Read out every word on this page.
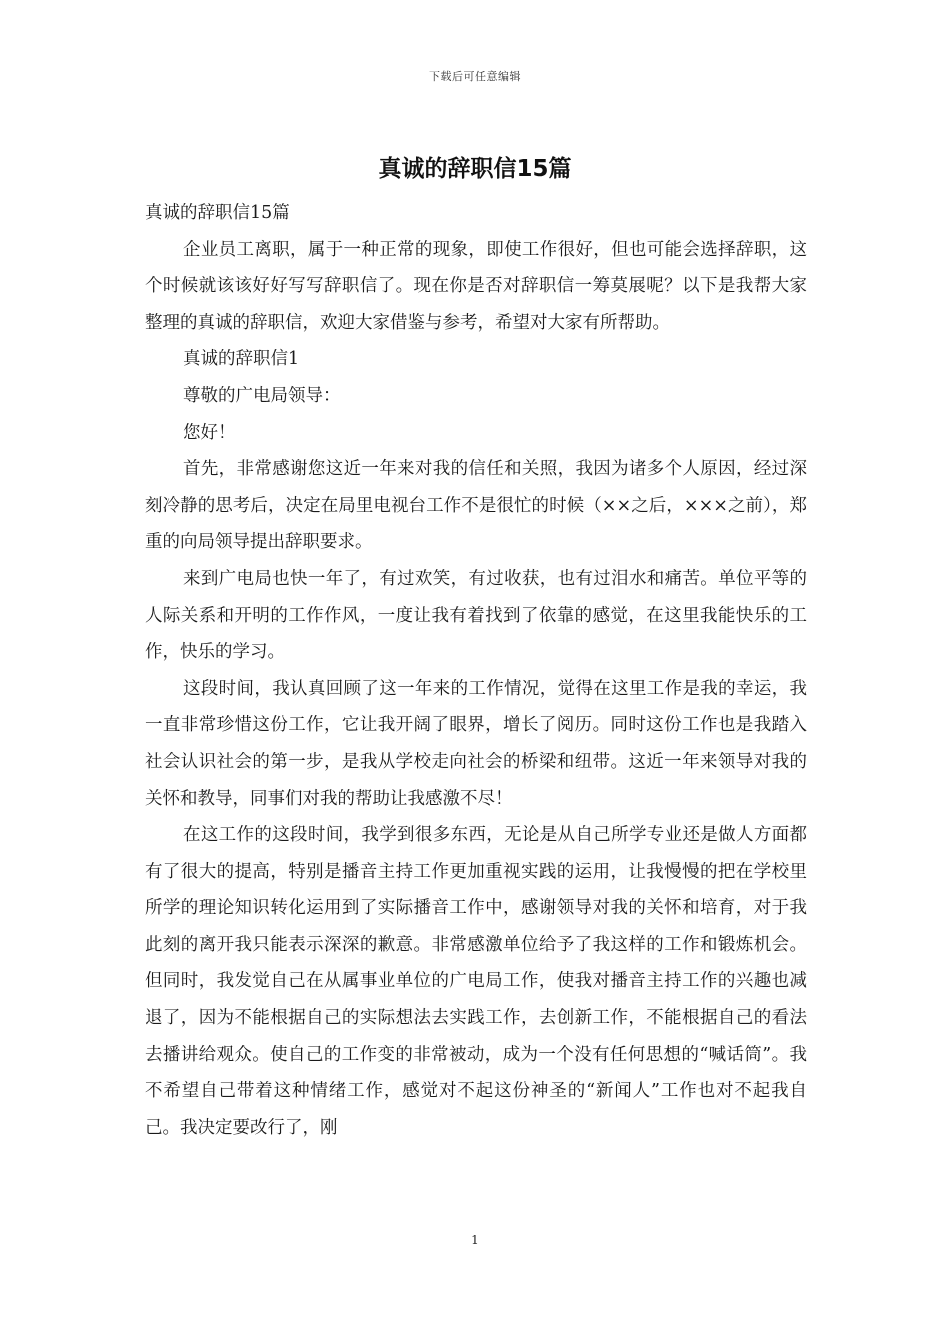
下载后可任意编辑
真诚的辞职信15篇

真诚的辞职信15篇

企业员工离职，属于一种正常的现象，即使工作很好，但也可能会选择辞职，这个时候就该该好好写写辞职信了。现在你是否对辞职信一筹莫展呢？以下是我帮大家整理的真诚的辞职信，欢迎大家借鉴与参考，希望对大家有所帮助。

真诚的辞职信1

尊敬的广电局领导：

您好！

首先，非常感谢您这近一年来对我的信任和关照，我因为诸多个人原因，经过深刻冷静的思考后，决定在局里电视台工作不是很忙的时候（××之后，×××之前），郑重的向局领导提出辞职要求。

来到广电局也快一年了，有过欢笑，有过收获，也有过泪水和痛苦。单位平等的人际关系和开明的工作作风，一度让我有着找到了依靠的感觉，在这里我能快乐的工作，快乐的学习。

这段时间，我认真回顾了这一年来的工作情况，觉得在这里工作是我的幸运，我一直非常珍惜这份工作，它让我开阔了眼界，增长了阅历。同时这份工作也是我踏入社会认识社会的第一步，是我从学校走向社会的桥梁和纽带。这近一年来领导对我的关怀和教导，同事们对我的帮助让我感激不尽！

在这工作的这段时间，我学到很多东西，无论是从自己所学专业还是做人方面都有了很大的提高，特别是播音主持工作更加重视实践的运用，让我慢慢的把在学校里所学的理论知识转化运用到了实际播音工作中，感谢领导对我的关怀和培育，对于我此刻的离开我只能表示深深的歉意。非常感激单位给予了我这样的工作和锻炼机会。但同时，我发觉自己在从属事业单位的广电局工作，使我对播音主持工作的兴趣也减退了，因为不能根据自己的实际想法去实践工作，去创新工作，不能根据自己的看法去播讲给观众。使自己的工作变的非常被动，成为一个没有任何思想的“喊话筒”。我不希望自己带着这种情绪工作，感觉对不起这份神圣的“新闻人”工作也对不起我自己。我决定要改行了，刚

1
